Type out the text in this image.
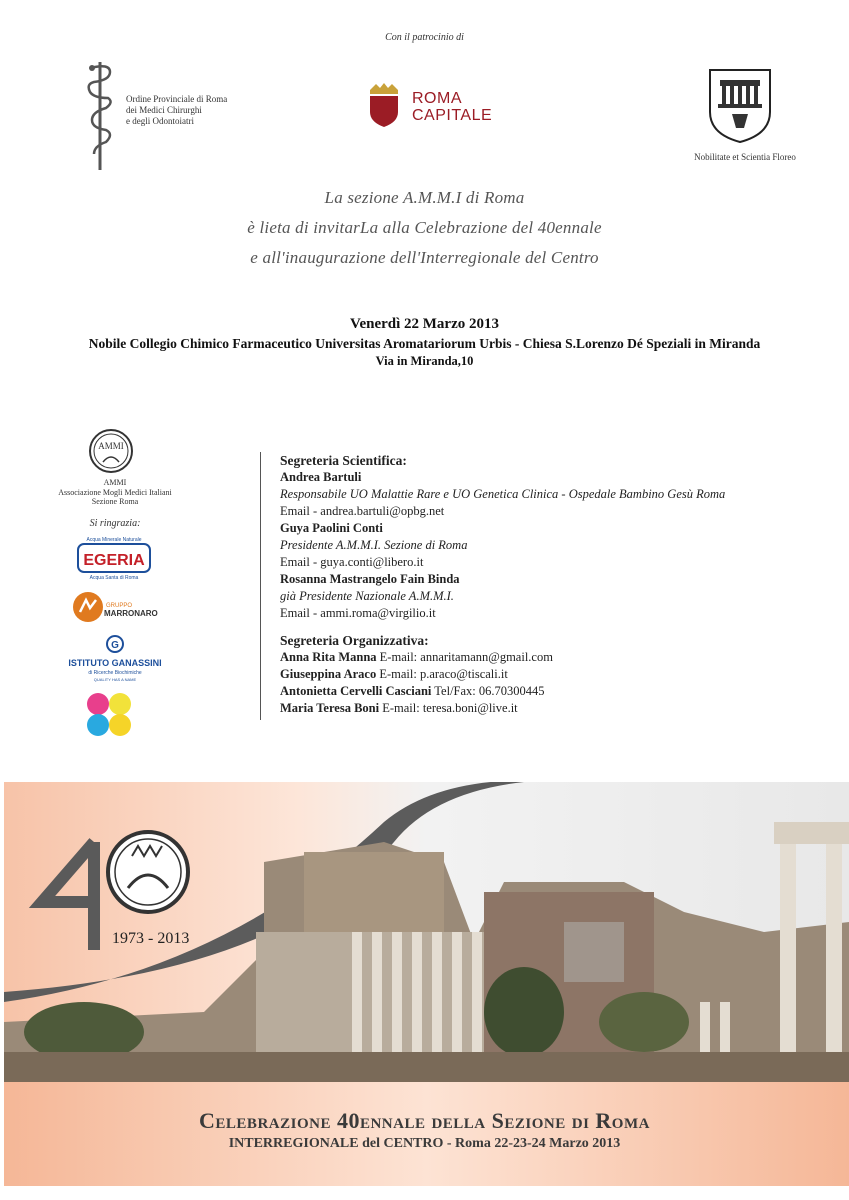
Con il patrocinio di
Ordine Provinciale di Roma
dei Medici Chirurghi
e degli Odontoiatri
ROMA
CAPITALE
Nobilitate et Scientia Floreo
La sezione A.M.M.I di Roma
è lieta di invitarLa alla Celebrazione del 40ennale
e all'inaugurazione dell'Interregionale del Centro
Venerdì 22 Marzo 2013
Nobile Collegio Chimico Farmaceutico Universitas Aromatariorum Urbis - Chiesa S.Lorenzo Dé Speziali in Miranda
Via in Miranda,10
AMMI
AMMI
Associazione Mogli Medici Italiani
Sezione Roma
Si ringrazia:
Acqua Minerale Naturale
EGERIA
Acqua Santa di Roma
GRUPPO
MARRONARO
G
ISTITUTO GANASSINI
di Ricerche Biochimiche
QUALITY HAS A NAME
Segreteria Scientifica:
Andrea Bartuli
Responsabile UO Malattie Rare e UO Genetica Clinica - Ospedale Bambino Gesù Roma
Email - andrea.bartuli@opbg.net
Guya Paolini Conti
Presidente A.M.M.I. Sezione di Roma
Email - guya.conti@libero.it
Rosanna Mastrangelo Fain Binda
già Presidente Nazionale A.M.M.I.
Email - ammi.roma@virgilio.it
Segreteria Organizzativa:
Anna Rita Manna E-mail: annaritamann@gmail.com
Giuseppina Araco E-mail: p.araco@tiscali.it
Antonietta Cervelli Casciani Tel/Fax: 06.70300445
Maria Teresa Boni E-mail: teresa.boni@live.it
1973 - 2013
Celebrazione 40ennale della Sezione di Roma
INTERREGIONALE del CENTRO - Roma 22-23-24 Marzo 2013
